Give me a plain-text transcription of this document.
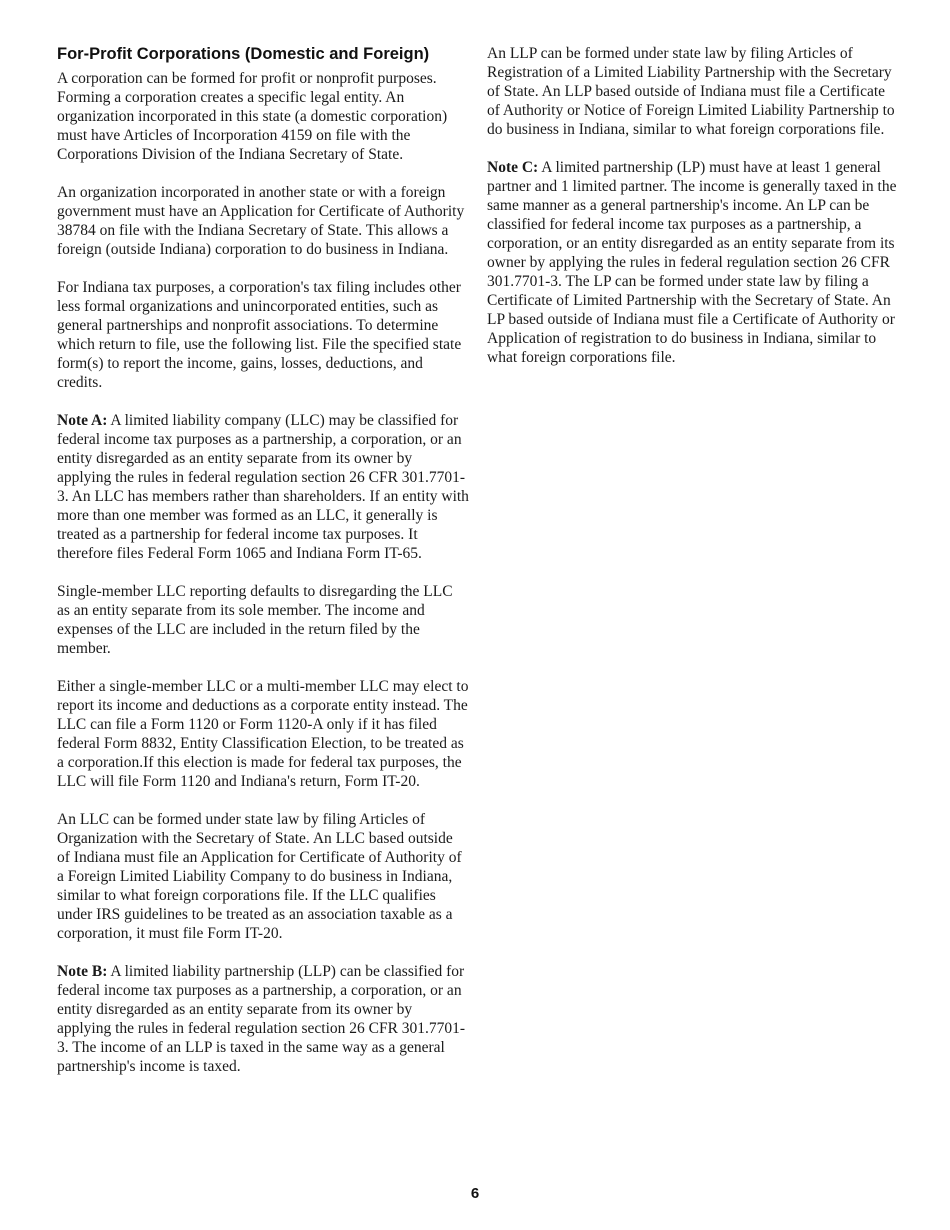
For-Profit Corporations (Domestic and Foreign)

A corporation can be formed for profit or nonprofit purposes. Forming a corporation creates a specific legal entity. An organization incorporated in this state (a domestic corporation) must have Articles of Incorporation 4159 on file with the Corporations Division of the Indiana Secretary of State.

An organization incorporated in another state or with a foreign government must have an Application for Certificate of Authority 38784 on file with the Indiana Secretary of State. This allows a foreign (outside Indiana) corporation to do business in Indiana.

For Indiana tax purposes, a corporation's tax filing includes other less formal organizations and unincorporated entities, such as general partnerships and nonprofit associations. To determine which return to file, use the following list. File the specified state form(s) to report the income, gains, losses, deductions, and credits.

Note A: A limited liability company (LLC) may be classified for federal income tax purposes as a partnership, a corporation, or an entity disregarded as an entity separate from its owner by applying the rules in federal regulation section 26 CFR 301.7701-3. An LLC has members rather than shareholders. If an entity with more than one member was formed as an LLC, it generally is treated as a partnership for federal income tax purposes. It therefore files Federal Form 1065 and Indiana Form IT-65.

Single-member LLC reporting defaults to disregarding the LLC as an entity separate from its sole member. The income and expenses of the LLC are included in the return filed by the member.

Either a single-member LLC or a multi-member LLC may elect to report its income and deductions as a corporate entity instead. The LLC can file a Form 1120 or Form 1120-A only if it has filed federal Form 8832, Entity Classification Election, to be treated as a corporation.If this election is made for federal tax purposes, the LLC will file Form 1120 and Indiana's return, Form IT-20.

An LLC can be formed under state law by filing Articles of Organization with the Secretary of State. An LLC based outside of Indiana must file an Application for Certificate of Authority of a Foreign Limited Liability Company to do business in Indiana, similar to what foreign corporations file. If the LLC qualifies under IRS guidelines to be treated as an association taxable as a corporation, it must file Form IT-20.

Note B: A limited liability partnership (LLP) can be classified for federal income tax purposes as a partnership, a corporation, or an entity disregarded as an entity separate from its owner by applying the rules in federal regulation section 26 CFR 301.7701-3. The income of an LLP is taxed in the same way as a general partnership's income is taxed.

An LLP can be formed under state law by filing Articles of Registration of a Limited Liability Partnership with the Secretary of State. An LLP based outside of Indiana must file a Certificate of Authority or Notice of Foreign Limited Liability Partnership to do business in Indiana, similar to what foreign corporations file.

Note C: A limited partnership (LP) must have at least 1 general partner and 1 limited partner. The income is generally taxed in the same manner as a general partnership's income. An LP can be classified for federal income tax purposes as a partnership, a corporation, or an entity disregarded as an entity separate from its owner by applying the rules in federal regulation section 26 CFR 301.7701-3. The LP can be formed under state law by filing a Certificate of Limited Partnership with the Secretary of State. An LP based outside of Indiana must file a Certificate of Authority or Application of registration to do business in Indiana, similar to what foreign corporations file.

6
